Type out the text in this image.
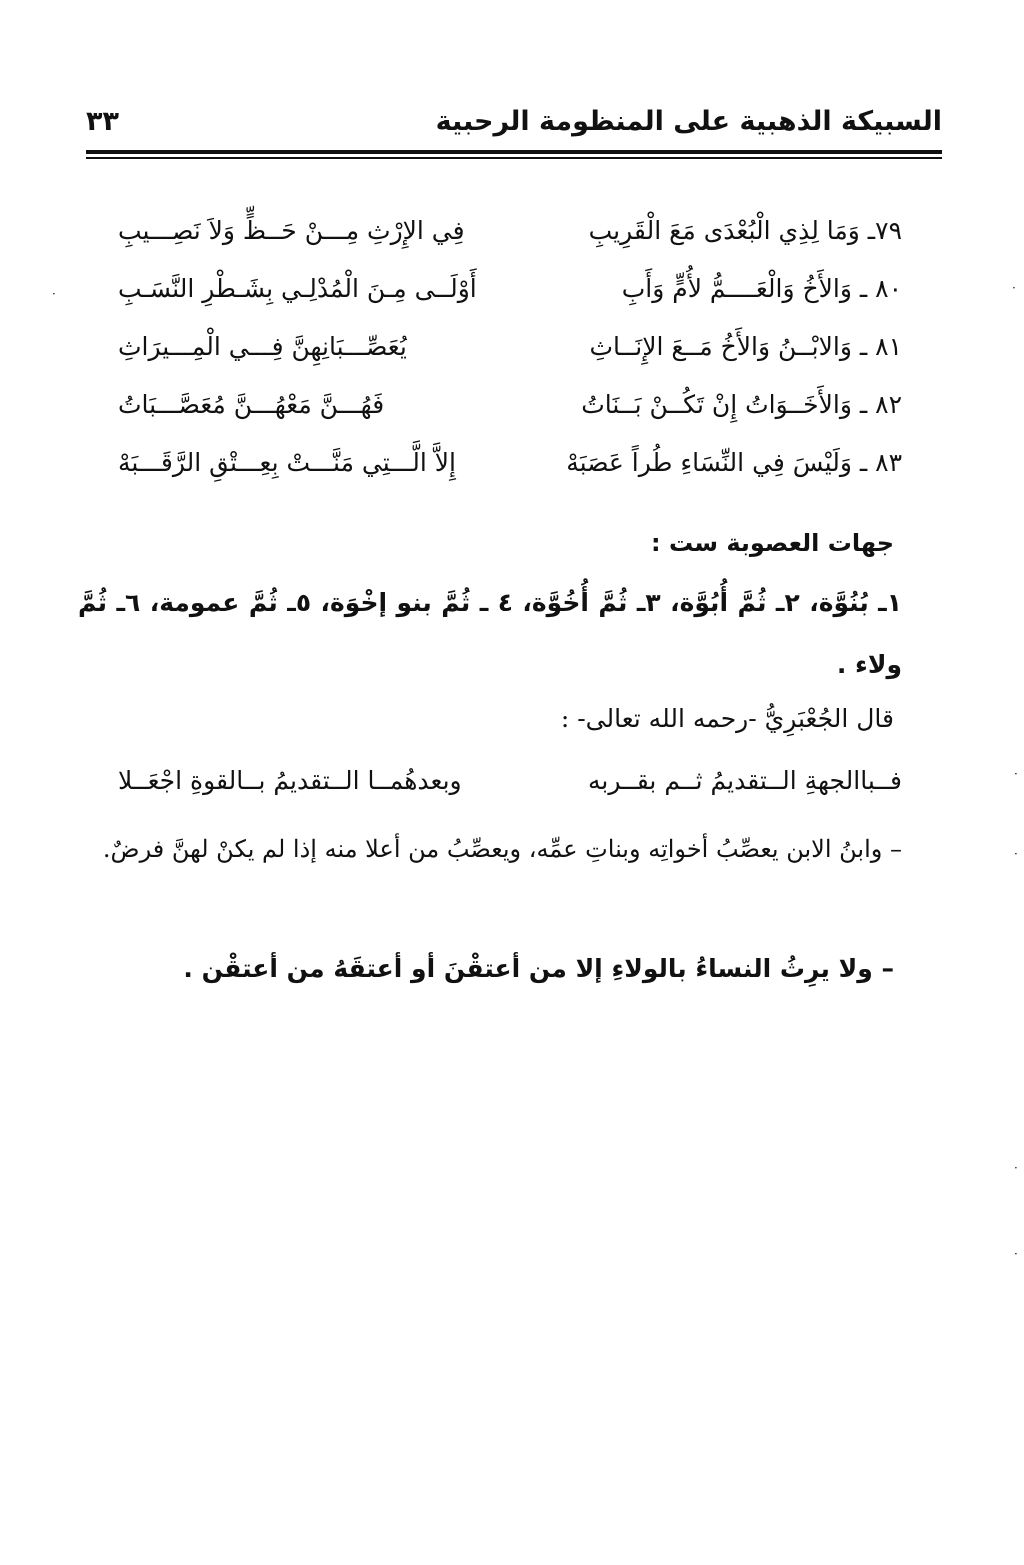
السبيكة الذهبية على المنظومة الرحبية
٣٣
٧٩ـ وَمَا لِذِي الْبُعْدَى مَعَ الْقَرِيبِ
فِي الإِرْثِ مِـــنْ حَــظٍّ وَلاَ نَصِـــيبِ
٨٠ ـ وَالأَخُ وَالْعَــــمُّ لأُمٍّ وَأَبِ
أَوْلَــى مِـنَ الْمُدْلِـي بِشَـطْرِ النَّسَـبِ
٨١ ـ وَالابْــنُ وَالأَخُ مَــعَ الإِنَــاثِ
يُعَصِّـــبَانِهِنَّ فِـــي الْمِـــيرَاثِ
٨٢ ـ وَالأَخَــوَاتُ إِنْ تَكُــنْ بَــنَاتُ
فَهُـــنَّ مَعْهُـــنَّ مُعَصَّـــبَاتُ
٨٣ ـ وَلَيْسَ فِي النِّسَاءِ طُراً عَصَبَهْ
إِلاَّ الَّـــتِي مَنَّـــتْ بِعِـــتْقِ الرَّقَـــبَهْ
جهات العصوبة ست :
١ـ بُنُوَّة، ٢ـ ثُمَّ أُبُوَّة، ٣ـ ثُمَّ أُخُوَّة، ٤ ـ ثُمَّ بنو إخْوَة، ٥ـ ثُمَّ عمومة، ٦ـ ثُمَّ ولاء .
قال الجُعْبَرِيُّ -رحمه الله تعالى- :
فــباالجهةِ الــتقديمُ ثــم بقــربه
وبعدهُمــا الــتقديمُ بــالقوةِ اجْعَــلا
– وابنُ الابن يعصِّبُ أخواتِه وبناتِ عمِّه، ويعصِّبُ من أعلا منه إذا لم يكنْ لهنَّ فرضٌ.
– ولا يرِثُ النساءُ بالولاءِ إلا من أعتقْنَ أو أعتقَهُ من أعتقْن .
·	·
·
·
·
·
